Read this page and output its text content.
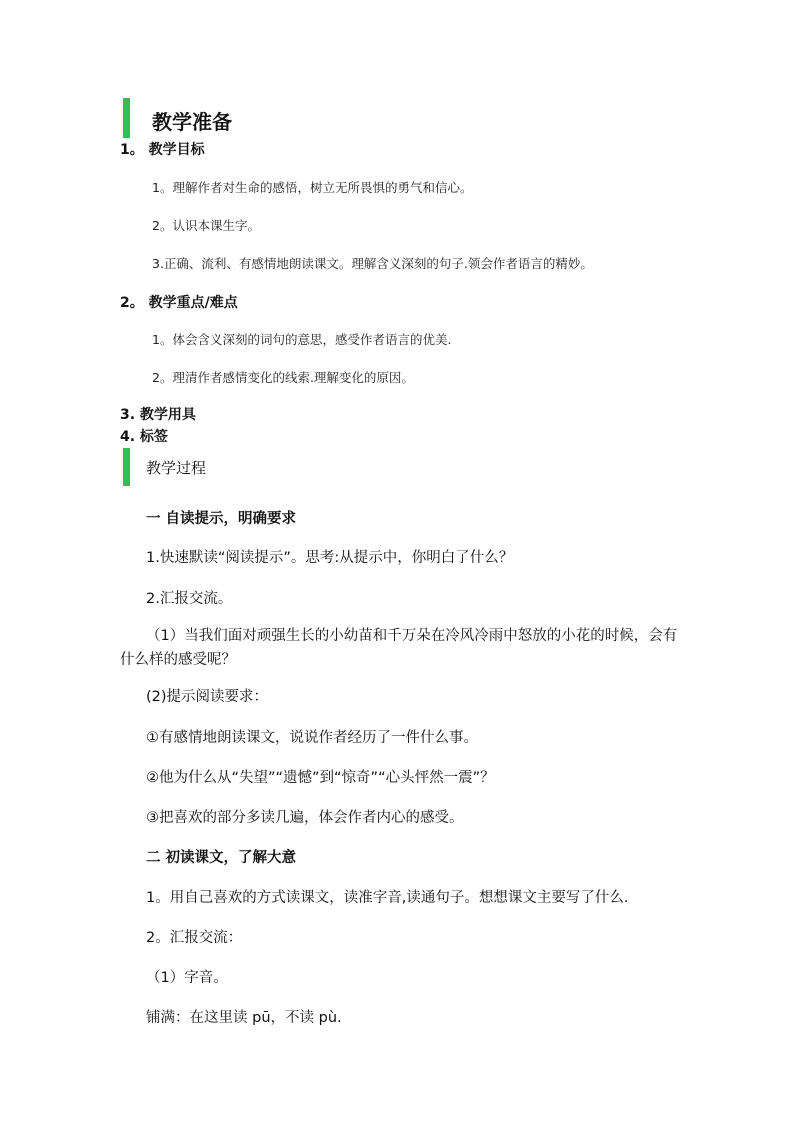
教学准备
1。 教学目标
1。理解作者对生命的感悟，树立无所畏惧的勇气和信心。
2。认识本课生字。
3.正确、流利、有感情地朗读课文。理解含义深刻的句子.领会作者语言的精妙。
2。 教学重点/难点
1。体会含义深刻的词句的意思，感受作者语言的优美.
2。理清作者感情变化的线索.理解变化的原因。
3. 教学用具
4. 标签
教学过程
一 自读提示，明确要求
1.快速默读“阅读提示”。思考:从提示中，你明白了什么？
2.汇报交流。
（1）当我们面对顽强生长的小幼苗和千万朵在冷风冷雨中怒放的小花的时候，会有什么样的感受呢？
(2)提示阅读要求：
①有感情地朗读课文，说说作者经历了一件什么事。
②他为什么从“失望”“遗憾”到“惊奇”“心头怦然一震”？
③把喜欢的部分多读几遍，体会作者内心的感受。
二 初读课文，了解大意
1。用自己喜欢的方式读课文，读准字音,读通句子。想想课文主要写了什么.
2。汇报交流：
（1）字音。
铺满：在这里读 pū，不读 pù.
